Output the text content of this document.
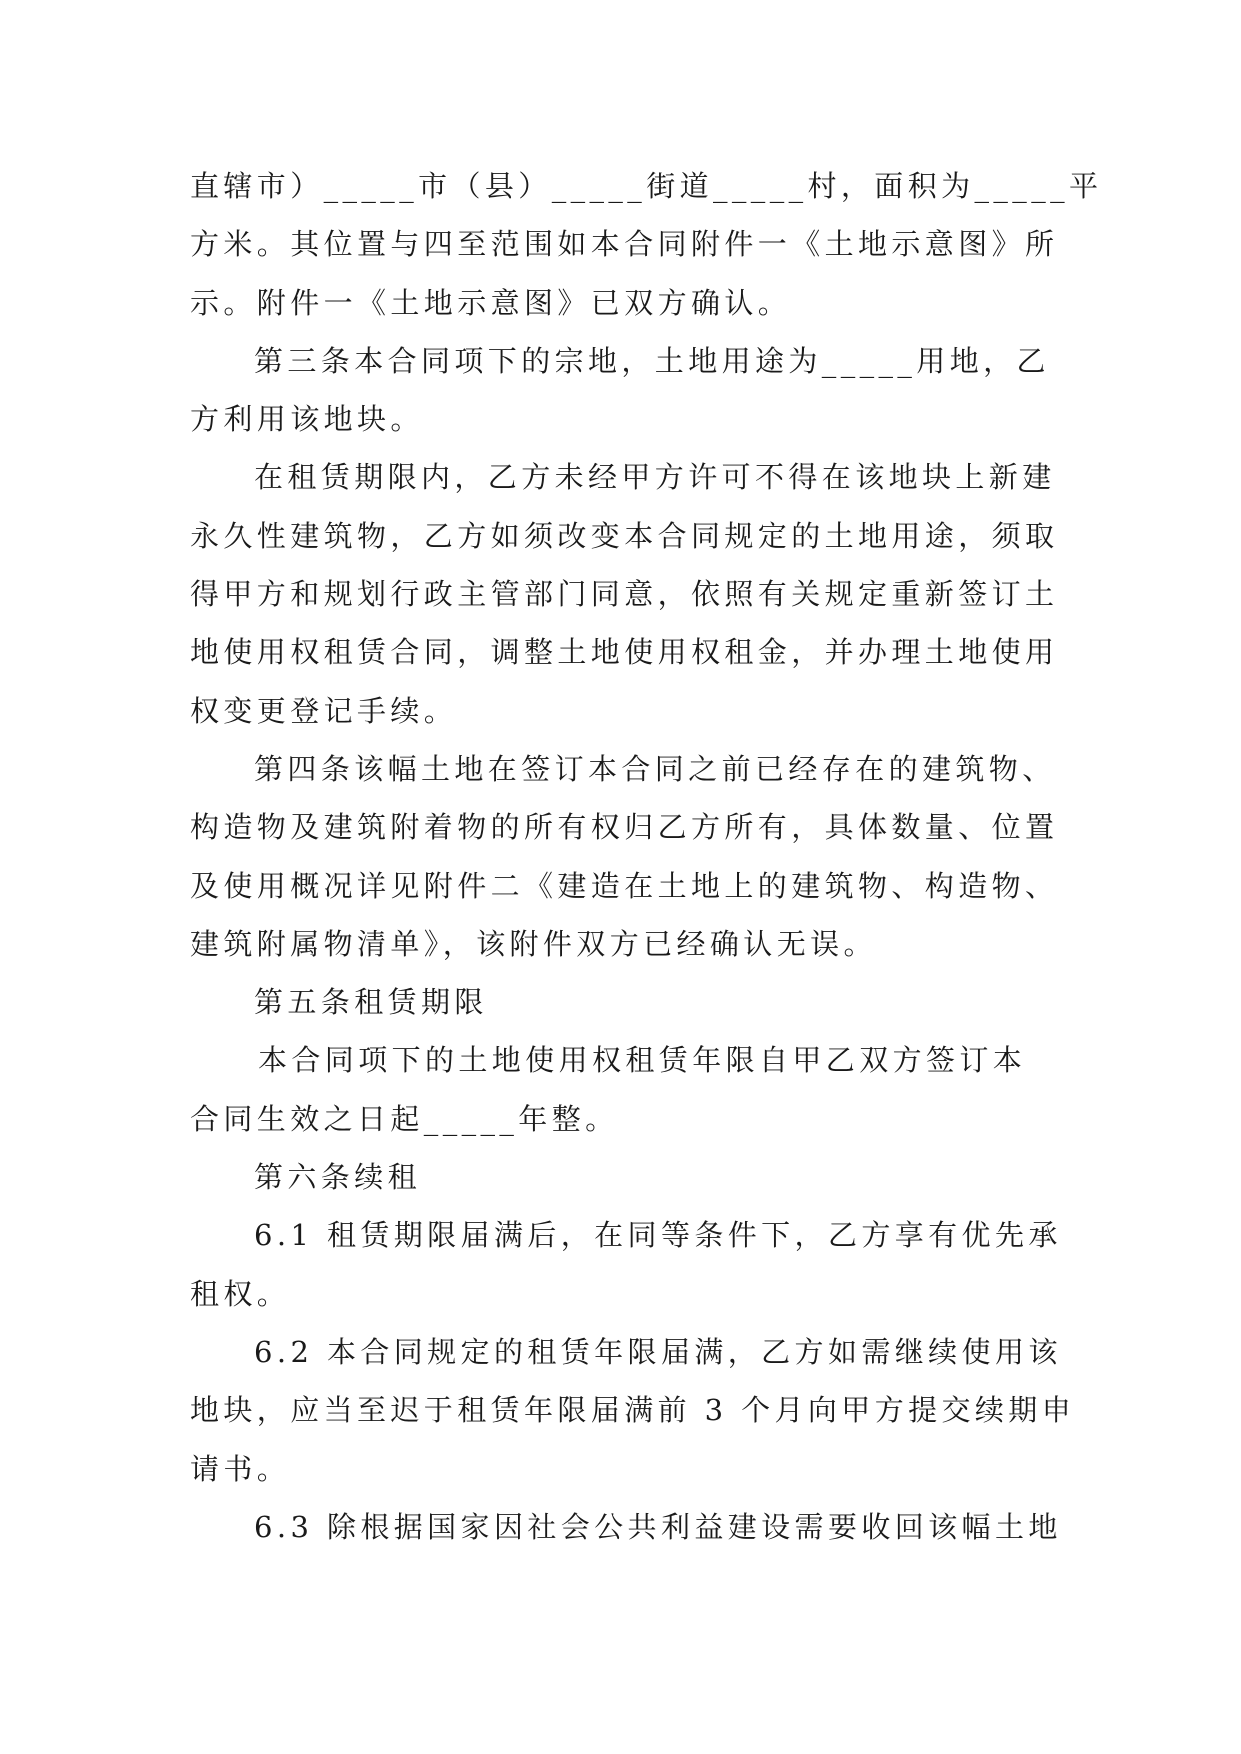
直辖市）_____市（县）_____街道_____村，面积为_____平
方米。其位置与四至范围如本合同附件一《土地示意图》所
示。附件一《土地示意图》已双方确认。
第三条本合同项下的宗地，土地用途为_____用地，乙
方利用该地块。
在租赁期限内，乙方未经甲方许可不得在该地块上新建
永久性建筑物，乙方如须改变本合同规定的土地用途，须取
得甲方和规划行政主管部门同意，依照有关规定重新签订土
地使用权租赁合同，调整土地使用权租金，并办理土地使用
权变更登记手续。
第四条该幅土地在签订本合同之前已经存在的建筑物、
构造物及建筑附着物的所有权归乙方所有，具体数量、位置
及使用概况详见附件二《建造在土地上的建筑物、构造物、
建筑附属物清单》，该附件双方已经确认无误。
第五条租赁期限
本合同项下的土地使用权租赁年限自甲乙双方签订本
合同生效之日起_____年整。
第六条续租
6.1 租赁期限届满后，在同等条件下，乙方享有优先承
租权。
6.2 本合同规定的租赁年限届满，乙方如需继续使用该
地块，应当至迟于租赁年限届满前 3 个月向甲方提交续期申
请书。
6.3 除根据国家因社会公共利益建设需要收回该幅土地
